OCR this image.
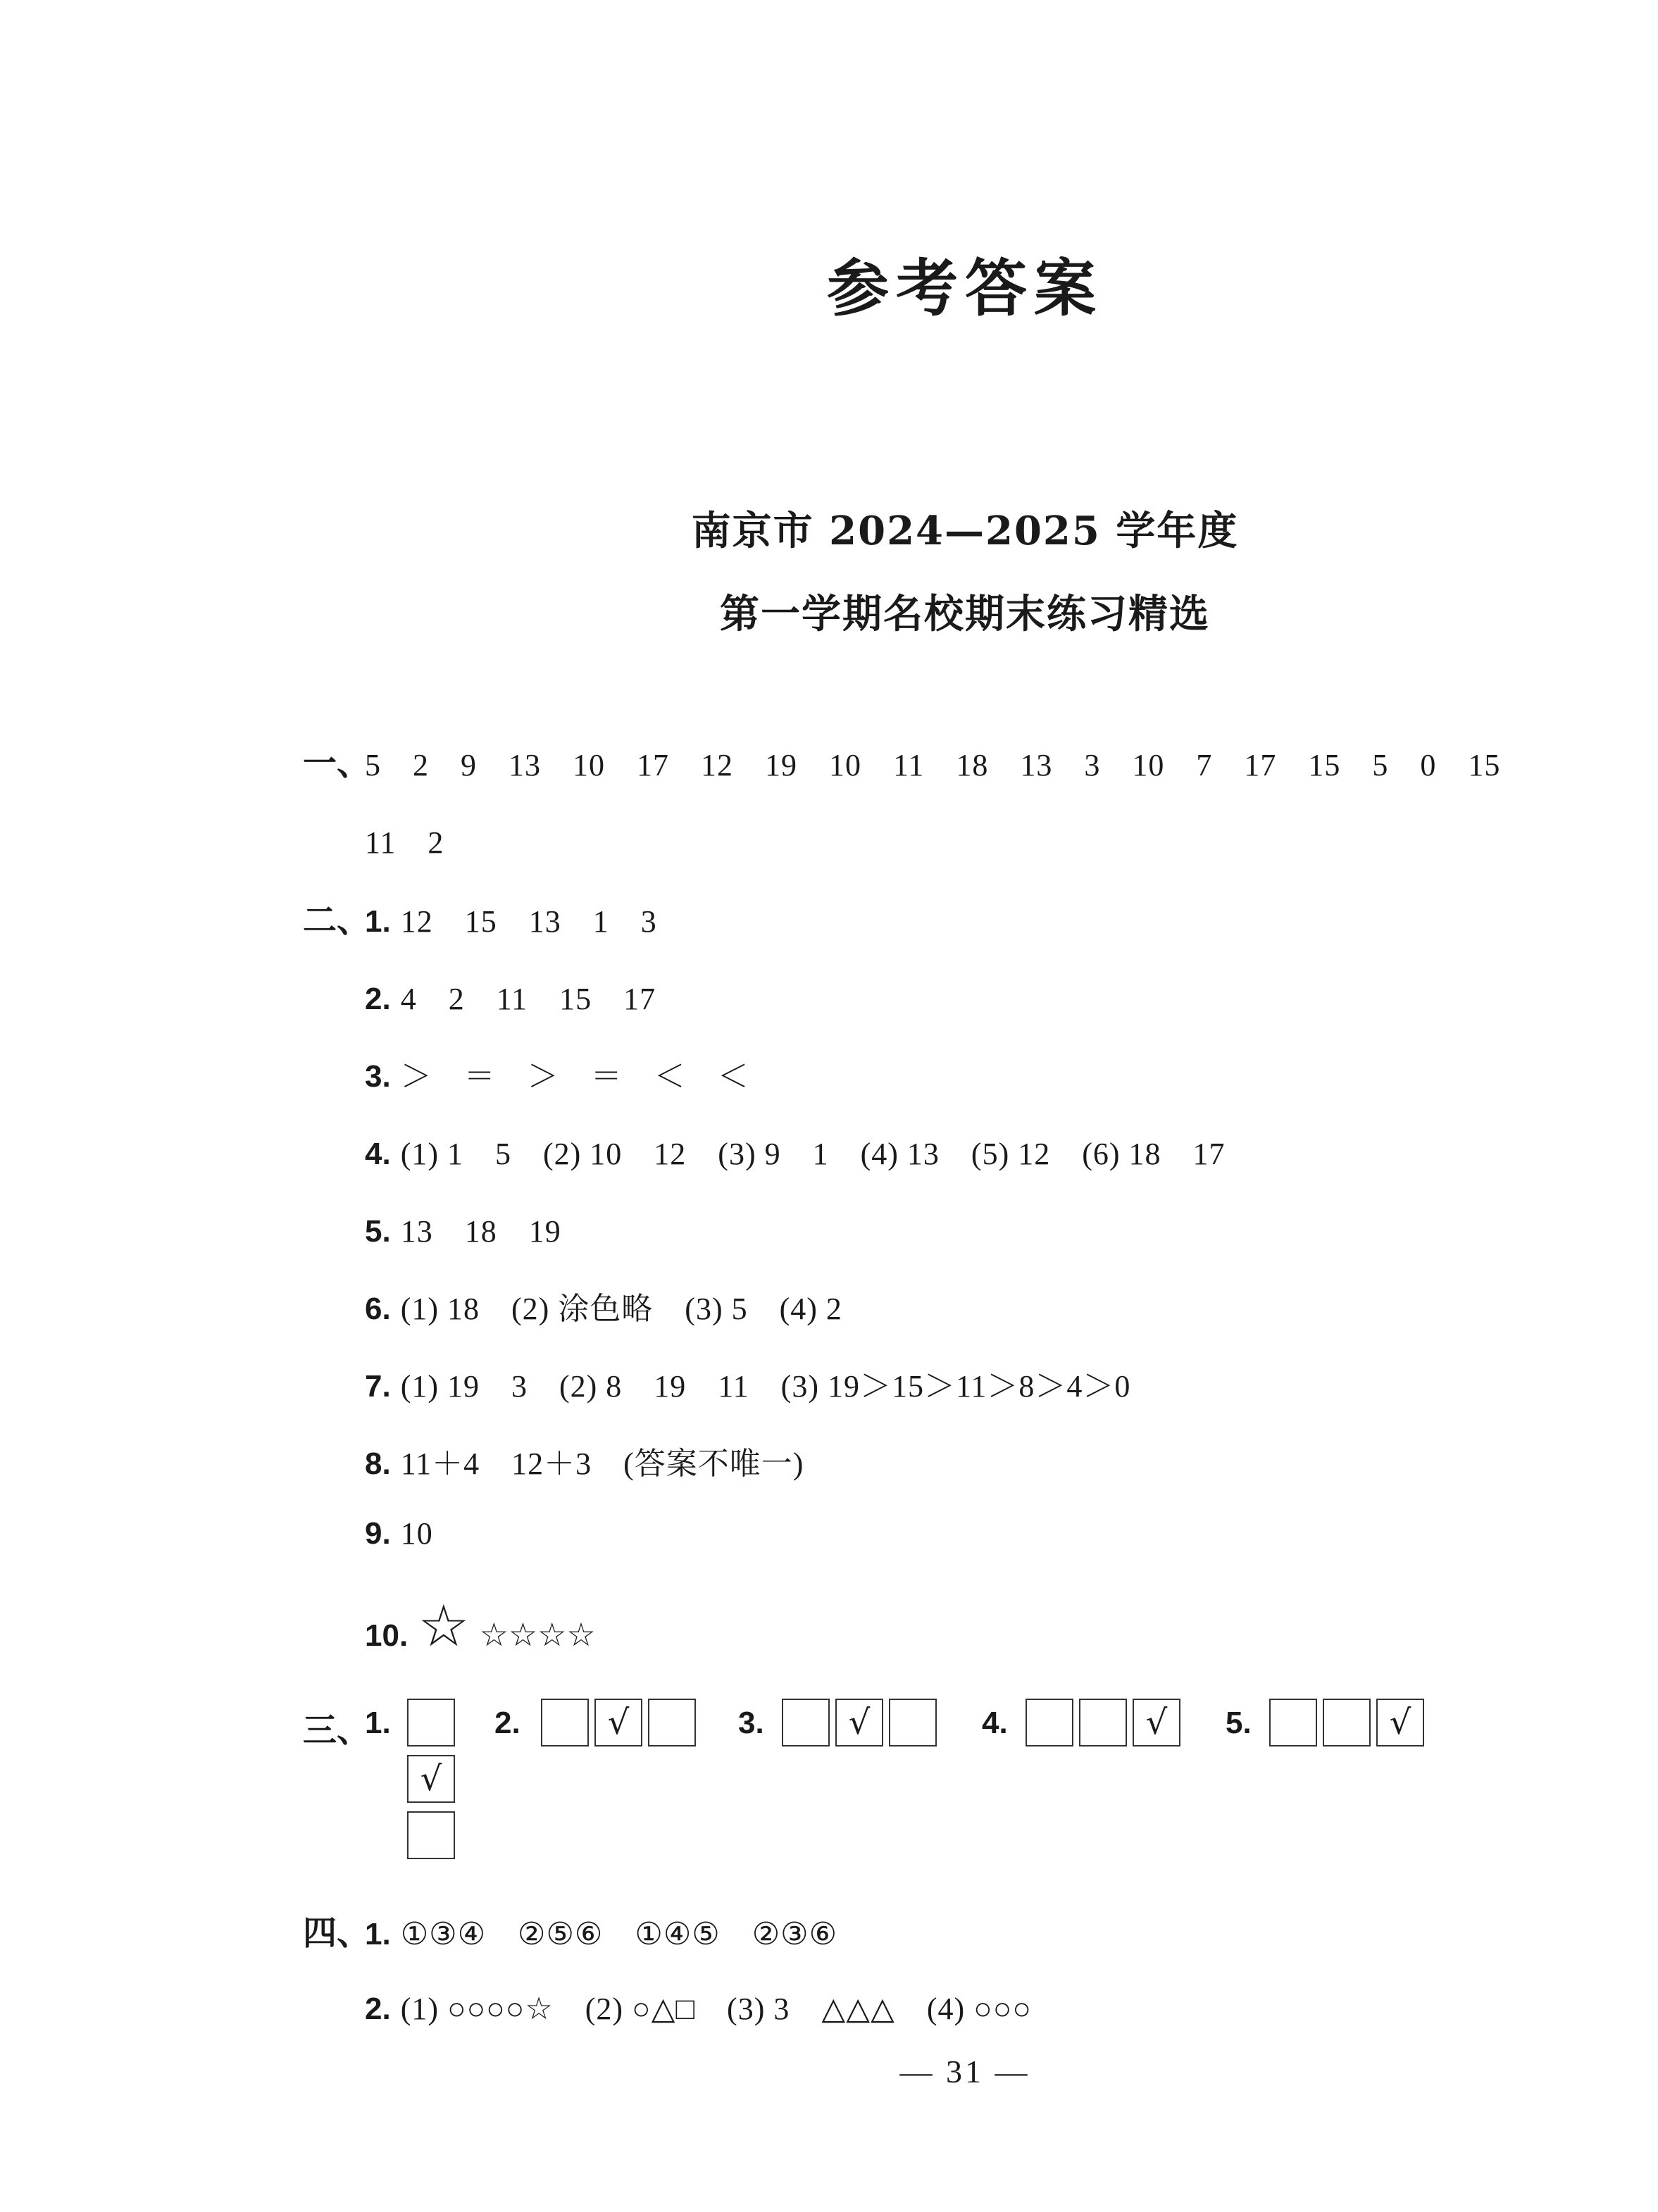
参考答案
南京市 2024—2025 学年度
第一学期名校期末练习精选
一、
5　2　9　13　10　17　12　19　10　11　18　13　3　10　7　17　15　5　0　15
11　2
二、
1. 12　15　13　1　3
2. 4　2　11　15　17
3. ＞　＝　＞　＝　＜　＜
4. (1) 1　5　(2) 10　12　(3) 9　1　(4) 13　(5) 12　(6) 18　17
5. 13　18　19
6. (1) 18　(2) 涂色略　(3) 5　(4) 2
7. (1) 19　3　(2) 8　19　11　(3) 19＞15＞11＞8＞4＞0
8. 11＋4　12＋3　(答案不唯一)
9. 10
10. ☆ ☆☆☆☆
三、
1.
√
2.	√	3.	√	4.	√	5.	√
四、
1. ①③④　②⑤⑥　①④⑤　②③⑥
2. (1) ○○○○☆　(2) ○△□　(3) 3　△△△　(4) ○○○
— 31 —
